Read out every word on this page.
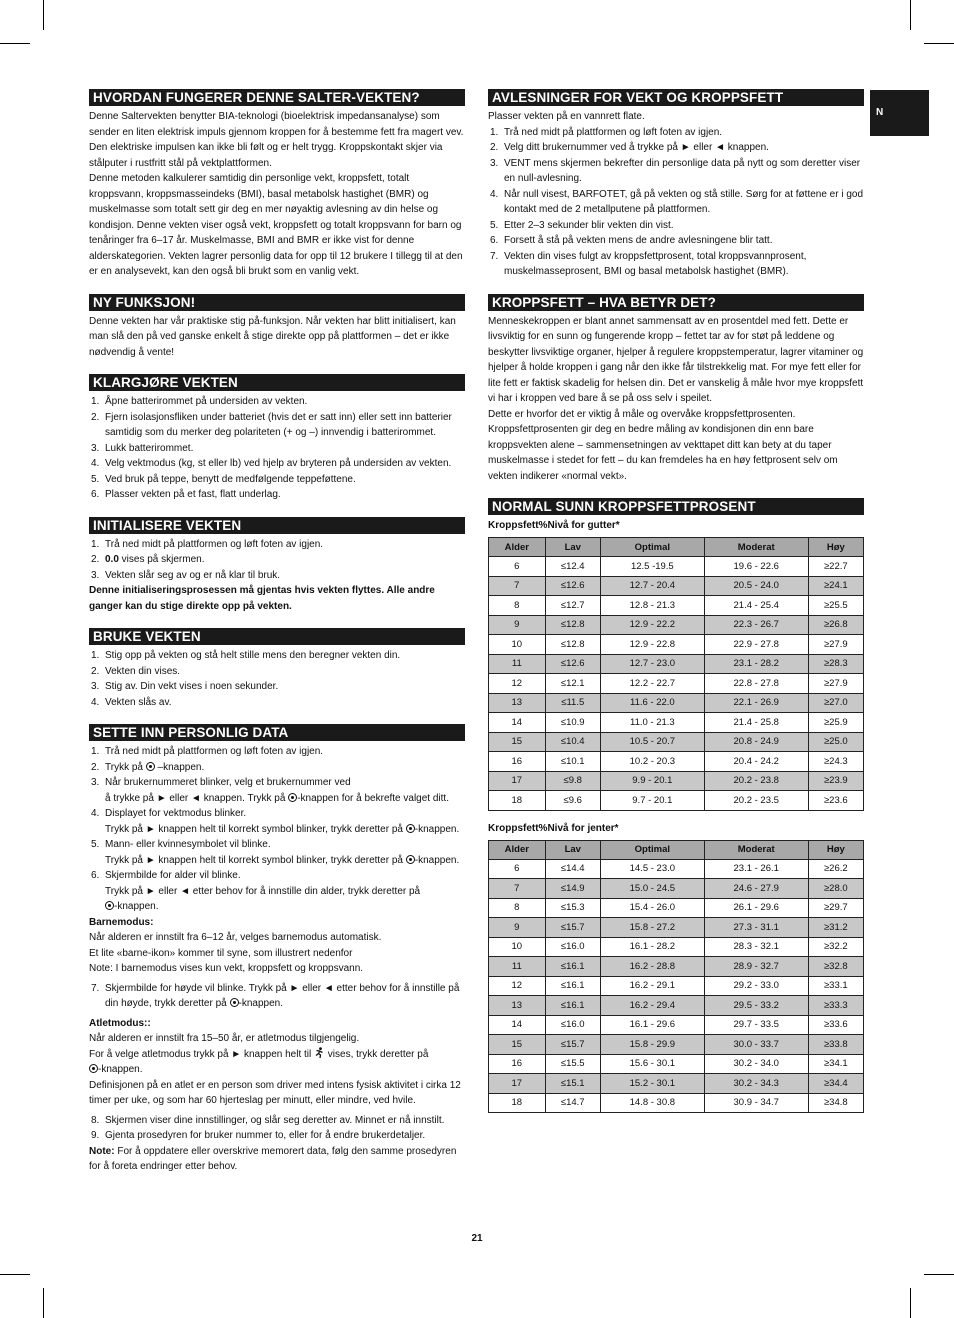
N
HVORDAN FUNGERER DENNE SALTER-VEKTEN?

Denne Saltervekten benytter BIA-teknologi (bioelektrisk impedansanalyse) som sender en liten elektrisk impuls gjennom kroppen for å bestemme fett fra magert vev. Den elektriske impulsen kan ikke bli følt og er helt trygg. Kroppskontakt skjer via stålputer i rustfritt stål på vektplattformen.

Denne metoden kalkulerer samtidig din personlige vekt, kroppsfett, totalt kroppsvann, kroppsmasseindeks (BMI), basal metabolsk hastighet (BMR) og muskelmasse som totalt sett gir deg en mer nøyaktig avlesning av din helse og kondisjon. Denne vekten viser også vekt, kroppsfett og totalt kroppsvann for barn og tenåringer fra 6–17 år. Muskelmasse, BMI and BMR er ikke vist for denne alderskategorien. Vekten lagrer personlig data for opp til 12 brukere I tillegg til at den er en analysevekt, kan den også bli brukt som en vanlig vekt.

NY FUNKSJON!

Denne vekten har vår praktiske stig på-funksjon. Når vekten har blitt initialisert, kan man slå den på ved ganske enkelt å stige direkte opp på plattformen – det er ikke nødvendig å vente!

KLARGJØRE VEKTEN
1. Åpne batterirommet på undersiden av vekten.
2. Fjern isolasjonsfliken under batteriet (hvis det er satt inn) eller sett inn batterier samtidig som du merker deg polariteten (+ og –) innvendig i batterirommet.
3. Lukk batterirommet.
4. Velg vektmodus (kg, st eller lb) ved hjelp av bryteren på undersiden av vekten.
5. Ved bruk på teppe, benytt de medfølgende teppeføttene.
6. Plasser vekten på et fast, flatt underlag.
INITIALISERE VEKTEN
1. Trå ned midt på plattformen og løft foten av igjen.
2. 0.0 vises på skjermen.
3. Vekten slår seg av og er nå klar til bruk.

Denne initialiseringsprosessen må gjentas hvis vekten flyttes. Alle andre ganger kan du stige direkte opp på vekten.

BRUKE VEKTEN
1. Stig opp på vekten og stå helt stille mens den beregner vekten din.
2. Vekten din vises.
3. Stig av. Din vekt vises i noen sekunder.
4. Vekten slås av.
SETTE INN PERSONLIG DATA
1. Trå ned midt på plattformen og løft foten av igjen.
2. Trykk på  –knappen.
3. Når brukernummeret blinker, velg et brukernummer ved
å trykke på ► eller ◄ knappen. Trykk på -knappen for å bekrefte valget ditt.
4. Displayet for vektmodus blinker.
Trykk på ► knappen helt til korrekt symbol blinker, trykk deretter på -knappen.
5. Mann- eller kvinnesymbolet vil blinke.
Trykk på ► knappen helt til korrekt symbol blinker, trykk deretter på -knappen.
6. Skjermbilde for alder vil blinke.
Trykk på ► eller ◄ etter behov for å innstille din alder, trykk deretter på
-knappen.

Barnemodus:

Når alderen er innstilt fra 6–12 år, velges barnemodus automatisk.

Et lite «barne-ikon» kommer til syne, som illustrert nedenfor

Note: I barnemodus vises kun vekt, kroppsfett og kroppsvann.

7. Skjermbilde for høyde vil blinke. Trykk på ► eller ◄ etter behov for å innstille på din høyde, trykk deretter på -knappen.

Atletmodus::

Når alderen er innstilt fra 15–50 år, er atletmodus tilgjengelig.

For å velge atletmodus trykk på ► knappen helt til  vises, trykk deretter på

-knappen.

Definisjonen på en atlet er en person som driver med intens fysisk aktivitet i cirka 12 timer per uke, og som har 60 hjerteslag per minutt, eller mindre, ved hvile.

8. Skjermen viser dine innstillinger, og slår seg deretter av. Minnet er nå innstilt.
9. Gjenta prosedyren for bruker nummer to, eller for å endre brukerdetaljer.

Note: For å oppdatere eller overskrive memorert data, følg den samme prosedyren for å foreta endringer etter behov.

AVLESNINGER FOR VEKT OG KROPPSFETT

Plasser vekten på en vannrett flate.

1. Trå ned midt på plattformen og løft foten av igjen.
2. Velg ditt brukernummer ved å trykke på ► eller ◄ knappen.
3. VENT mens skjermen bekrefter din personlige data på nytt og som deretter viser en null-avlesning.
4. Når null visest, BARFOTET, gå på vekten og stå stille. Sørg for at føttene er i god kontakt med de 2 metallputene på plattformen.
5. Etter 2–3 sekunder blir vekten din vist.
6. Forsett å stå på vekten mens de andre avlesningene blir tatt.
7. Vekten din vises fulgt av kroppsfettprosent, total kroppsvannprosent, muskelmasseprosent, BMI og basal metabolsk hastighet (BMR).
KROPPSFETT – HVA BETYR DET?

Menneskekroppen er blant annet sammensatt av en prosentdel med fett. Dette er livsviktig for en sunn og fungerende kropp – fettet tar av for støt på leddene og beskytter livsviktige organer, hjelper å regulere kroppstemperatur, lagrer vitaminer og hjelper å holde kroppen i gang når den ikke får tilstrekkelig mat. For mye fett eller for lite fett er faktisk skadelig for helsen din. Det er vanskelig å måle hvor mye kroppsfett vi har i kroppen ved bare å se på oss selv i speilet.

Dette er hvorfor det er viktig å måle og overvåke kroppsfettprosenten.

Kroppsfettprosenten gir deg en bedre måling av kondisjonen din enn bare kroppsvekten alene – sammensetningen av vekttapet ditt kan bety at du taper muskelmasse i stedet for fett – du kan fremdeles ha en høy fettprosent selv om vekten indikerer «normal vekt».

NORMAL SUNN KROPPSFETTPROSENT
Kroppsfett%Nivå for gutter*
Alder	Lav	Optimal	Moderat	Høy
6	≤12.4	12.5 -19.5	19.6 - 22.6	≥22.7
7	≤12.6	12.7 - 20.4	20.5 - 24.0	≥24.1
8	≤12.7	12.8 - 21.3	21.4 - 25.4	≥25.5
9	≤12.8	12.9 - 22.2	22.3 - 26.7	≥26.8
10	≤12.8	12.9 - 22.8	22.9 - 27.8	≥27.9
11	≤12.6	12.7 - 23.0	23.1 - 28.2	≥28.3
12	≤12.1	12.2 - 22.7	22.8 - 27.8	≥27.9
13	≤11.5	11.6 - 22.0	22.1 - 26.9	≥27.0
14	≤10.9	11.0 - 21.3	21.4 - 25.8	≥25.9
15	≤10.4	10.5 - 20.7	20.8 - 24.9	≥25.0
16	≤10.1	10.2 - 20.3	20.4 - 24.2	≥24.3
17	≤9.8	9.9 - 20.1	20.2 - 23.8	≥23.9
18	≤9.6	9.7 - 20.1	20.2 - 23.5	≥23.6
Kroppsfett%Nivå for jenter*
Alder	Lav	Optimal	Moderat	Høy
6	≤14.4	14.5 - 23.0	23.1 - 26.1	≥26.2
7	≤14.9	15.0 - 24.5	24.6 - 27.9	≥28.0
8	≤15.3	15.4 - 26.0	26.1 - 29.6	≥29.7
9	≤15.7	15.8 - 27.2	27.3 - 31.1	≥31.2
10	≤16.0	16.1 - 28.2	28.3 - 32.1	≥32.2
11	≤16.1	16.2 - 28.8	28.9 - 32.7	≥32.8
12	≤16.1	16.2 - 29.1	29.2 - 33.0	≥33.1
13	≤16.1	16.2 - 29.4	29.5 - 33.2	≥33.3
14	≤16.0	16.1 - 29.6	29.7 - 33.5	≥33.6
15	≤15.7	15.8 - 29.9	30.0 - 33.7	≥33.8
16	≤15.5	15.6 - 30.1	30.2 - 34.0	≥34.1
17	≤15.1	15.2 - 30.1	30.2 - 34.3	≥34.4
18	≤14.7	14.8 - 30.8	30.9 - 34.7	≥34.8
21
